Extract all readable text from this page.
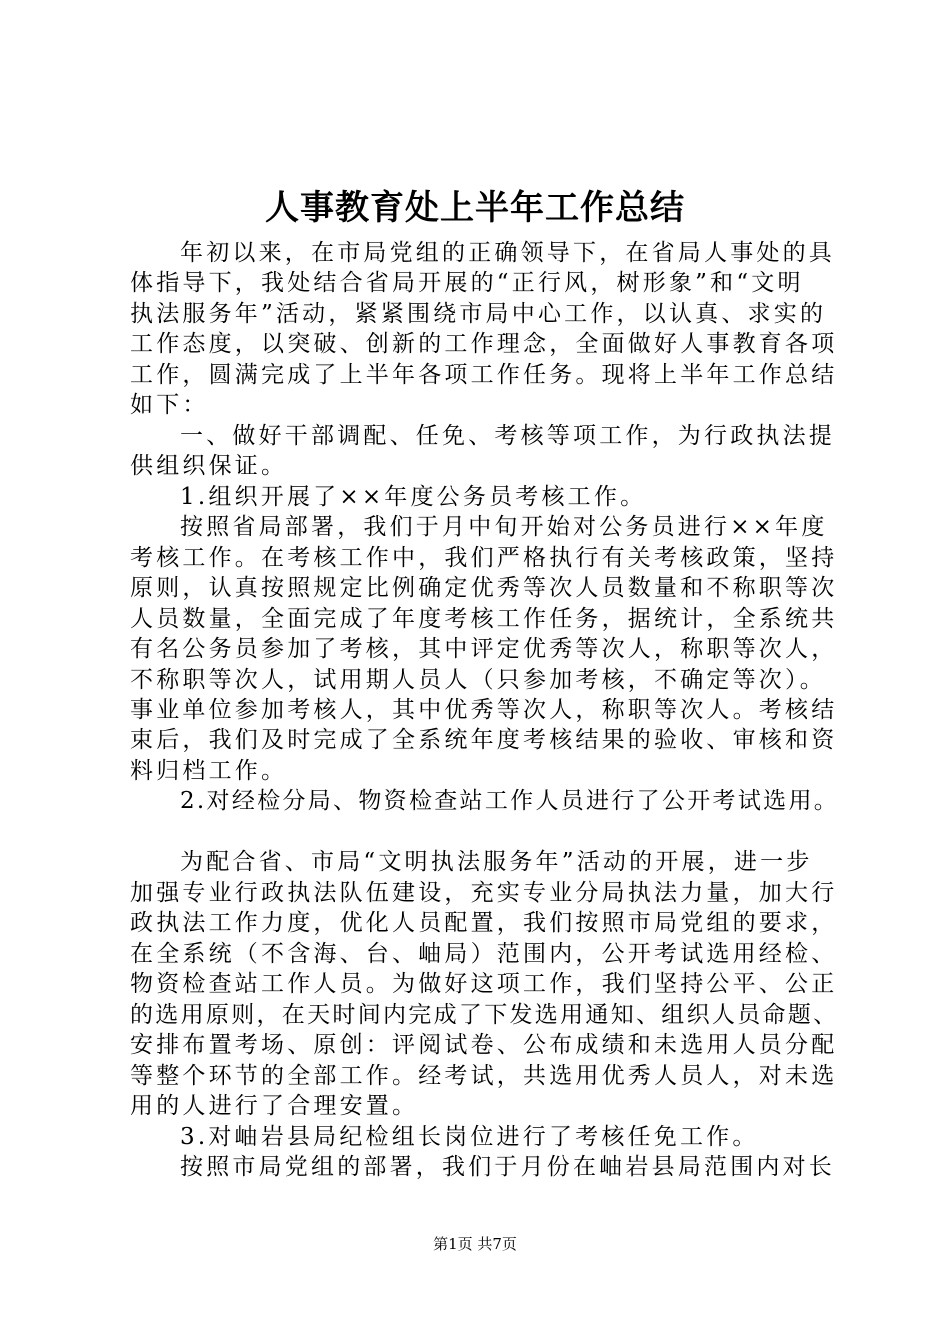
人事教育处上半年工作总结
年初以来，在市局党组的正确领导下，在省局人事处的具
体指导下，我处结合省局开展的“正行风，树形象”和“文明
执法服务年”活动，紧紧围绕市局中心工作，以认真、求实的
工作态度，以突破、创新的工作理念，全面做好人事教育各项
工作，圆满完成了上半年各项工作任务。现将上半年工作总结
如下：
一、做好干部调配、任免、考核等项工作，为行政执法提
供组织保证。
1.组织开展了××年度公务员考核工作。
按照省局部署，我们于月中旬开始对公务员进行××年度
考核工作。在考核工作中，我们严格执行有关考核政策，坚持
原则，认真按照规定比例确定优秀等次人员数量和不称职等次
人员数量，全面完成了年度考核工作任务，据统计，全系统共
有名公务员参加了考核，其中评定优秀等次人，称职等次人，
不称职等次人，试用期人员人（只参加考核，不确定等次）。
事业单位参加考核人，其中优秀等次人，称职等次人。考核结
束后，我们及时完成了全系统年度考核结果的验收、审核和资
料归档工作。
2.对经检分局、物资检查站工作人员进行了公开考试选用。
为配合省、市局“文明执法服务年”活动的开展，进一步
加强专业行政执法队伍建设，充实专业分局执法力量，加大行
政执法工作力度，优化人员配置，我们按照市局党组的要求，
在全系统（不含海、台、岫局）范围内，公开考试选用经检、
物资检查站工作人员。为做好这项工作，我们坚持公平、公正
的选用原则，在天时间内完成了下发选用通知、组织人员命题、
安排布置考场、原创：评阅试卷、公布成绩和未选用人员分配
等整个环节的全部工作。经考试，共选用优秀人员人，对未选
用的人进行了合理安置。
3.对岫岩县局纪检组长岗位进行了考核任免工作。
按照市局党组的部署，我们于月份在岫岩县局范围内对长
第1页 共7页
